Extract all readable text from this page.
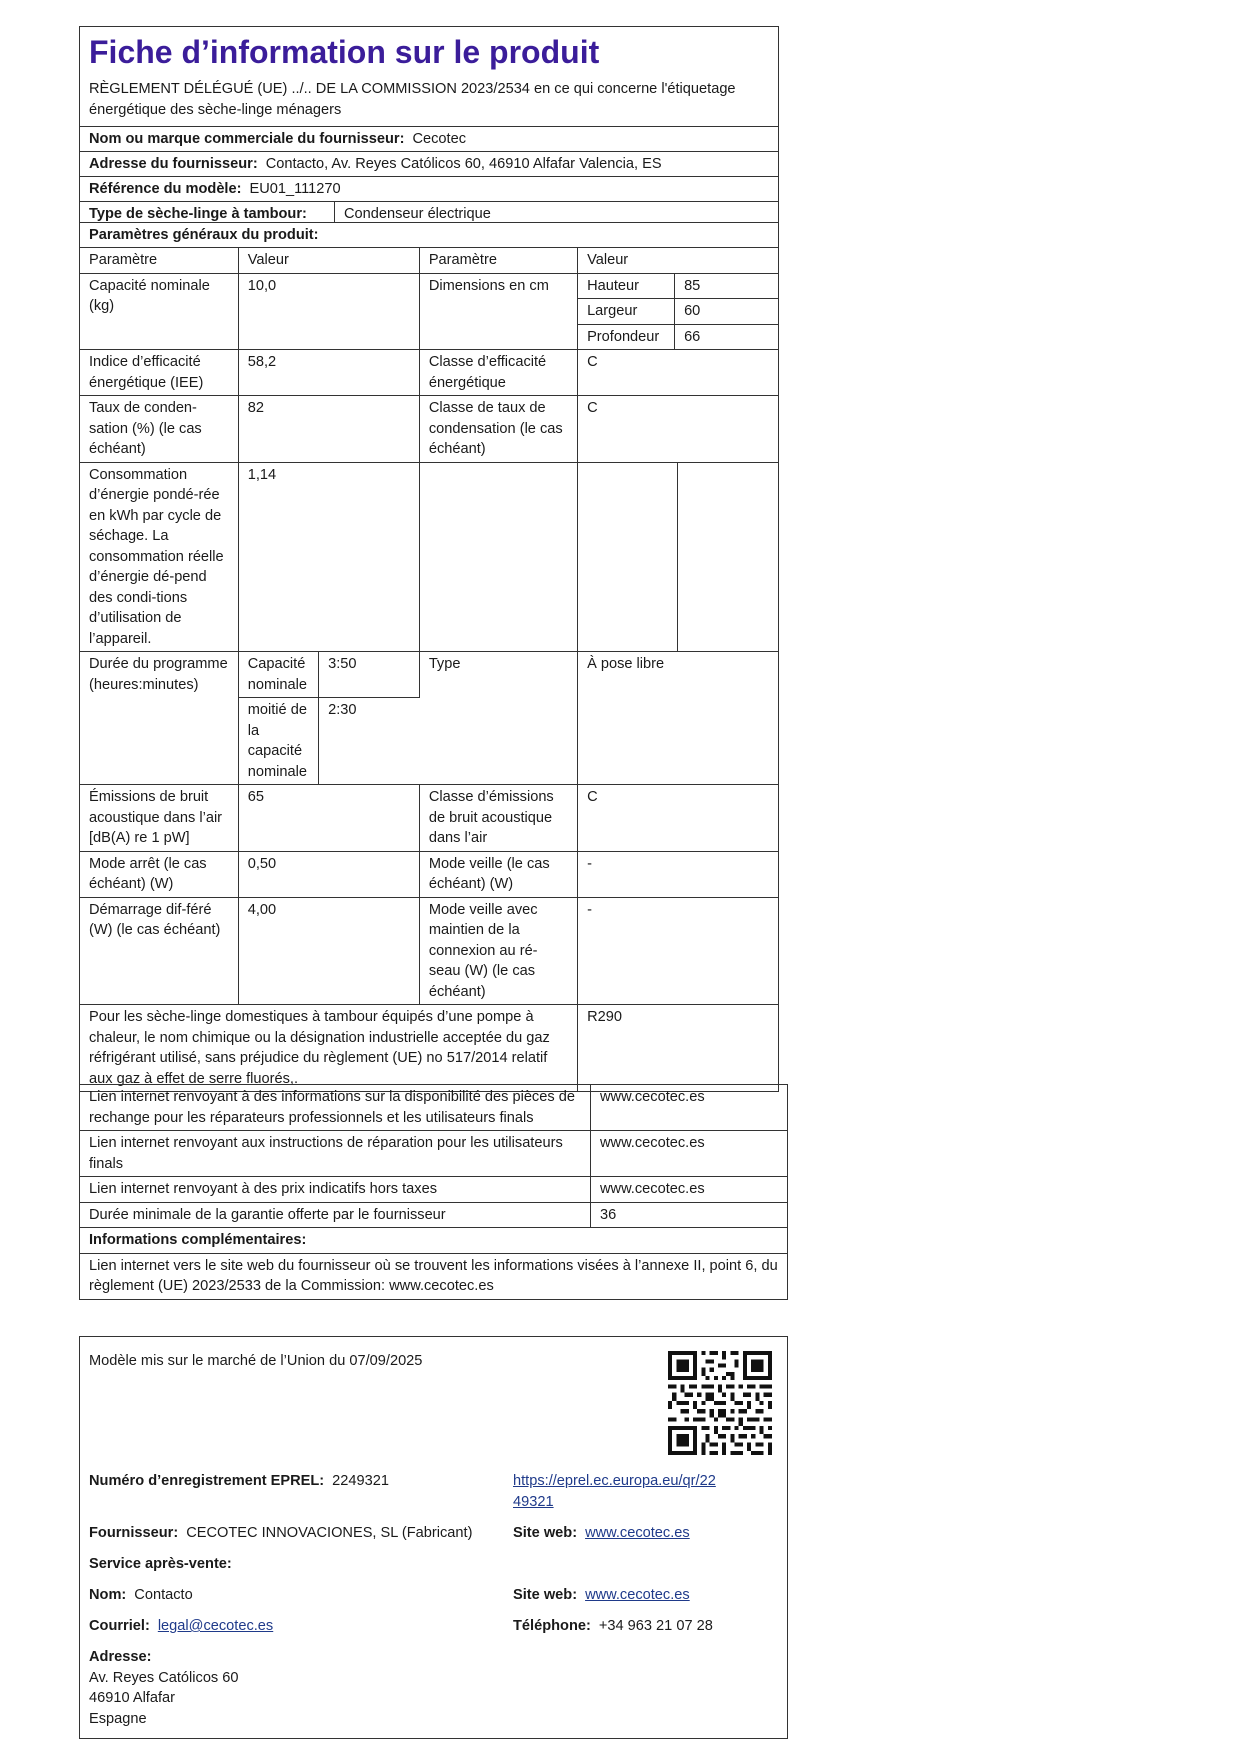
Fiche d’information sur le produit
RÈGLEMENT DÉLÉGUÉ (UE) ../.. DE LA COMMISSION 2023/2534 en ce qui concerne l'étiquetage énergétique des sèche-linge ménagers
Nom ou marque commerciale du fournisseur: Cecotec
Adresse du fournisseur: Contacto, Av. Reyes Católicos 60, 46910 Alfafar Valencia, ES
Référence du modèle: EU01_111270
Type de sèche-linge à tambour:	Condenseur électrique
Paramètres généraux du produit:
Paramètre	Valeur	Paramètre	Valeur
Capacité nominale (kg)	10,0	Dimensions en cm		Hauteur	85
Largeur	60
Profondeur	66

Indice d’efficacité énergétique (IEE)	58,2	Classe d’efficacité énergétique	C
Taux de conden-sation (%) (le cas échéant)	82	Classe de taux de condensation (le cas échéant)	C
Consommation d’énergie pondé-rée en kWh par cycle de séchage. La consommation réelle d’énergie dé-pend des condi-tions d’utilisation de l’appareil.	1,14			
Durée du programme (heures:minutes)	Capacité nominale	3:50	Type	À pose libre
moitié de la capacité nominale	2:30
Émissions de bruit acoustique dans l’air [dB(A) re 1 pW]	65	Classe d’émissions de bruit acoustique dans l’air	C
Mode arrêt (le cas échéant) (W)	0,50	Mode veille (le cas échéant) (W)	-
Démarrage dif-féré (W) (le cas échéant)	4,00	Mode veille avec maintien de la connexion au ré-seau (W) (le cas échéant)	-
Pour les sèche-linge domestiques à tambour équipés d’une pompe à chaleur, le nom chimique ou la désignation industrielle acceptée du gaz réfrigérant utilisé, sans préjudice du règlement (UE) no 517/2014 relatif aux gaz à effet de serre fluorés,.	R290
Lien internet renvoyant à des informations sur la disponibilité des pièces de rechange pour les réparateurs professionnels et les utilisateurs finals	www.cecotec.es
Lien internet renvoyant aux instructions de réparation pour les utilisateurs finals	www.cecotec.es
Lien internet renvoyant à des prix indicatifs hors taxes	www.cecotec.es
Durée minimale de la garantie offerte par le fournisseur	36
Informations complémentaires:	
Lien internet vers le site web du fournisseur où se trouvent les informations visées à l’annexe II, point 6, du règlement (UE) 2023/2533 de la Commission: www.cecotec.es	
Modèle mis sur le marché de l’Union du 07/09/2025
Numéro d’enregistrement EPREL: 2249321	https://eprel.ec.europa.eu/qr/22
49321
Fournisseur: CECOTEC INNOVACIONES, SL (Fabricant)	Site web: www.cecotec.es
Service après-vente:
Nom: Contacto	Site web: www.cecotec.es
Courriel: legal@cecotec.es	Téléphone: +34 963 21 07 28
Adresse:
Av. Reyes Católicos 60
46910 Alfafar
Espagne
